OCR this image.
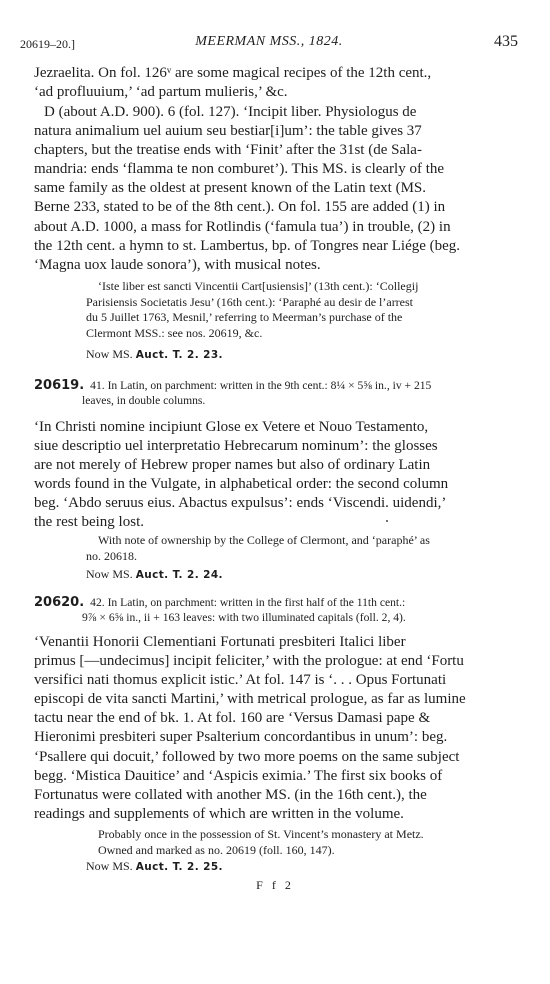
20619–20.]	MEERMAN MSS., 1824.	435
Jezraelita. On fol. 126ᵛ are some magical recipes of the 12th cent.,
‘ad profluuium,’ ‘ad partum mulieris,’ &c.
D (about A.D. 900). 6 (fol. 127). ‘Incipit liber. Physiologus de
natura animalium uel auium seu bestiar[i]um’: the table gives 37
chapters, but the treatise ends with ‘Finit’ after the 31st (de Sala-
mandria: ends ‘flamma te non comburet’). This MS. is clearly of the
same family as the oldest at present known of the Latin text (MS.
Berne 233, stated to be of the 8th cent.). On fol. 155 are added (1) in
about A.D. 1000, a mass for Rotlindis (‘famula tua’) in trouble, (2) in
the 12th cent. a hymn to st. Lambertus, bp. of Tongres near Liége (beg.
‘Magna uox laude sonora’), with musical notes.
‘Iste liber est sancti Vincentii Cart[usiensis]’ (13th cent.): ‘Collegij
Parisiensis Societatis Jesu’ (16th cent.): ‘Paraphé au desir de l’arrest
du 5 Juillet 1763, Mesnil,’ referring to Meerman’s purchase of the
Clermont MSS.: see nos. 20619, &c.
Now MS. Auct. T. 2. 23.
20619. 41. In Latin, on parchment: written in the 9th cent.: 8¼ × 5⅝ in., iv + 215
leaves, in double columns.
‘In Christi nomine incipiunt Glose ex Vetere et Nouo Testamento,
siue descriptio uel interpretatio Hebrecarum nominum’: the glosses
are not merely of Hebrew proper names but also of ordinary Latin
words found in the Vulgate, in alphabetical order: the second column
beg. ‘Abdo seruus eius. Abactus expulsus’: ends ‘Viscendi. uidendi,’
the rest being lost.
With note of ownership by the College of Clermont, and ‘paraphé’ as
no. 20618.
Now MS. Auct. T. 2. 24.
20620. 42. In Latin, on parchment: written in the first half of the 11th cent.:
9⅞ × 6⅝ in., ii + 163 leaves: with two illuminated capitals (foll. 2, 4).
‘Venantii Honorii Clementiani Fortunati presbiteri Italici liber
primus [—undecimus] incipit feliciter,’ with the prologue: at end ‘Fortu
versifici nati thomus explicit istic.’ At fol. 147 is ‘. . . Opus Fortunati
episcopi de vita sancti Martini,’ with metrical prologue, as far as lumine
tactu near the end of bk. 1. At fol. 160 are ‘Versus Damasi pape &
Hieronimi presbiteri super Psalterium concordantibus in unum’: beg.
‘Psallere qui docuit,’ followed by two more poems on the same subject
begg. ‘Mistica Dauitice’ and ‘Aspicis eximia.’ The first six books of
Fortunatus were collated with another MS. (in the 16th cent.), the
readings and supplements of which are written in the volume.
Probably once in the possession of St. Vincent’s monastery at Metz.
Owned and marked as no. 20619 (foll. 160, 147).
Now MS. Auct. T. 2. 25.
F f 2
